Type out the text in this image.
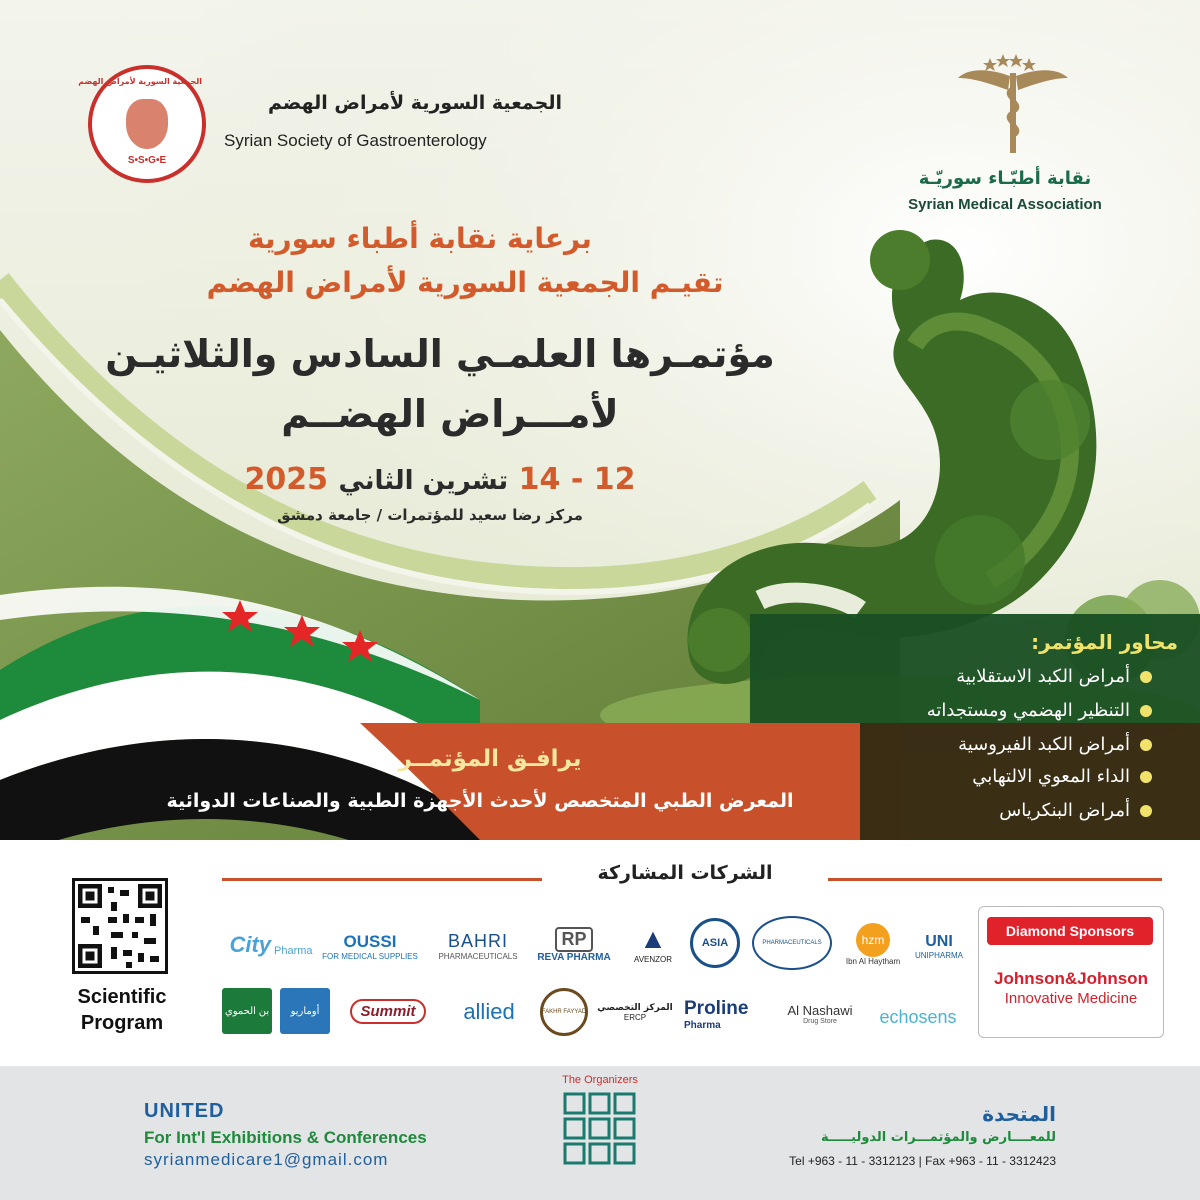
الجمعية السورية لأمراض الهضم
S•S•G•E
الجمعية السورية لأمراض الهضم
Syrian Society of Gastroenterology
نقابة أطبّـاء سوريّـة
Syrian Medical Association
برعاية نقابة أطباء سورية
تقيـم الجمعية السورية لأمراض الهضم
مؤتمـرها العلمـي السادس والثلاثيـن
لأمـــراض الهضــم
12 - 14 تشرين الثاني 2025
مركز رضا سعيد للمؤتمرات / جامعة دمشق
محاور المؤتمر:
أمراض الكبد الاستقلابية
التنظير الهضمي ومستجداته
أمراض الكبد الفيروسية
الداء المعوي الالتهابي
أمراض البنكرياس
يرافـق المؤتمــر
المعرض الطبي المتخصص لأحدث الأجهزة الطبية والصناعات الدوائية
الشركات المشاركة
Scientific
Program
Diamond Sponsors
Johnson&Johnson
Innovative Medicine
City Pharma
OUSSI
FOR MEDICAL SUPPLIES
BAHRI
PHARMACEUTICALS
RP
REVA PHARMA
▲
AVENZOR
ASIA	PHARMACEUTICALS	hzm
Ibn Al Haytham
UNI
UNIPHARMA
بن الحموي أوماريو	Summit	allied	FAKHR FAYYAD المركز التخصصي
ERCP Proline
Pharma
Al Nashawi
Drug Store echosens
The Organizers
UNITED
For Int'l Exhibitions & Conferences
syrianmedicare1@gmail.com
المتحدة
للمعــــارض والمؤتمـــرات الدوليـــــة
Tel +963 - 11 - 3312123 | Fax +963 - 11 - 3312423
